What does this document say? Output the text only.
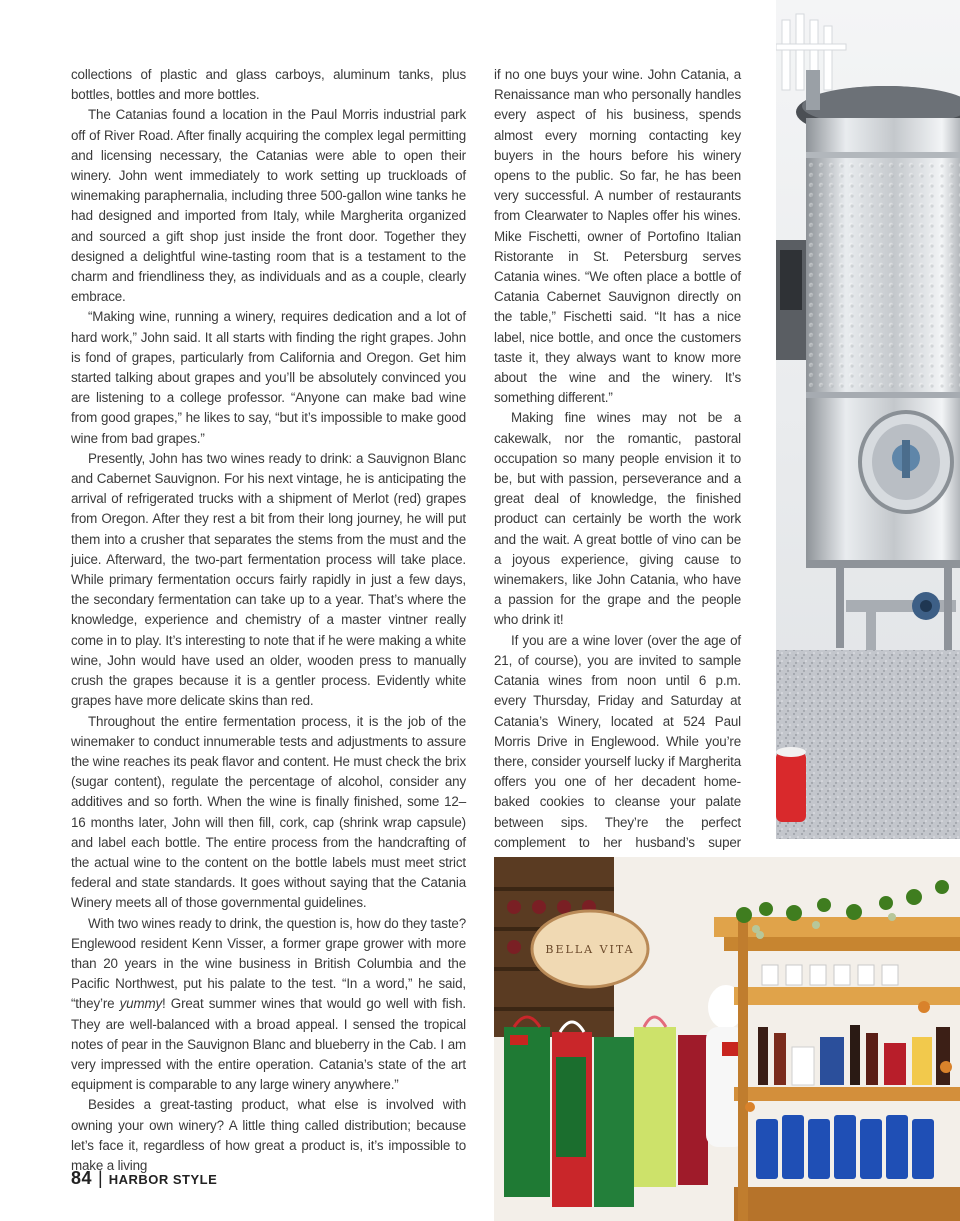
collections of plastic and glass carboys, aluminum tanks, plus bottles, bottles and more bottles.

The Catanias found a location in the Paul Morris industrial park off of River Road. After finally acquiring the complex legal permitting and licensing necessary, the Catanias were able to open their winery. John went immediately to work setting up truckloads of winemaking paraphernalia, including three 500-gallon wine tanks he had designed and imported from Italy, while Margherita organized and sourced a gift shop just inside the front door. Together they designed a delightful wine-tasting room that is a testament to the charm and friendliness they, as individuals and as a couple, clearly embrace.

“Making wine, running a winery, requires dedication and a lot of hard work,” John said. It all starts with finding the right grapes. John is fond of grapes, particularly from California and Oregon. Get him started talking about grapes and you’ll be absolutely convinced you are listening to a college professor. “Anyone can make bad wine from good grapes,” he likes to say, “but it’s impossible to make good wine from bad grapes.”

Presently, John has two wines ready to drink: a Sauvignon Blanc and Cabernet Sauvignon. For his next vintage, he is anticipating the arrival of refrigerated trucks with a shipment of Merlot (red) grapes from Oregon. After they rest a bit from their long journey, he will put them into a crusher that separates the stems from the must and the juice. Afterward, the two-part fermentation process will take place. While primary fermentation occurs fairly rapidly in just a few days, the secondary fermentation can take up to a year. That’s where the knowledge, experience and chemistry of a master vintner really come in to play. It’s interesting to note that if he were making a white wine, John would have used an older, wooden press to manually crush the grapes because it is a gentler process. Evidently white grapes have more delicate skins than red.

Throughout the entire fermentation process, it is the job of the winemaker to conduct innumerable tests and adjustments to assure the wine reaches its peak flavor and content. He must check the brix (sugar content), regulate the percentage of alcohol, consider any additives and so forth. When the wine is finally finished, some 12–16 months later, John will then fill, cork, cap (shrink wrap capsule) and label each bottle. The entire process from the handcrafting of the actual wine to the content on the bottle labels must meet strict federal and state standards. It goes without saying that the Catania Winery meets all of those governmental guidelines.

With two wines ready to drink, the question is, how do they taste? Englewood resident Kenn Visser, a former grape grower with more than 20 years in the wine business in British Columbia and the Pacific Northwest, put his palate to the test. “In a word,” he said, “they’re yummy! Great summer wines that would go well with fish. They are well-balanced with a broad appeal. I sensed the tropical notes of pear in the Sauvignon Blanc and blueberry in the Cab. I am very impressed with the entire operation. Catania’s state of the art equipment is comparable to any large winery anywhere.”

Besides a great-tasting product, what else is involved with owning your own winery? A little thing called distribution; because let’s face it, regardless of how great a product is, it’s impossible to make a living

if no one buys your wine. John Catania, a Renaissance man who personally handles every aspect of his business, spends almost every morning contacting key buyers in the hours before his winery opens to the public. So far, he has been very successful. A number of restaurants from Clearwater to Naples offer his wines. Mike Fischetti, owner of Portofino Italian Ristorante in St. Petersburg serves Catania wines. “We often place a bottle of Catania Cabernet Sauvignon directly on the table,” Fischetti said. “It has a nice label, nice bottle, and once the customers taste it, they always want to know more about the wine and the winery. It’s something different.”

Making fine wines may not be a cakewalk, nor the romantic, pastoral occupation so many people envision it to be, but with passion, perseverance and a great deal of knowledge, the finished product can certainly be worth the work and the wait. A great bottle of vino can be a joyous experience, giving cause to winemakers, like John Catania, who have a passion for the grape and the people who drink it!

If you are a wine lover (over the age of 21, of course), you are invited to sample Catania wines from noon until 6 p.m. every Thursday, Friday and Saturday at Catania’s Winery, located at 524 Paul Morris Drive in Englewood. While you’re there, consider yourself lucky if Margherita offers you one of her decadent home-baked cookies to cleanse your palate between sips. They’re the perfect complement to her husband’s super

84 | HARBOR STYLE
BELLA VITA
